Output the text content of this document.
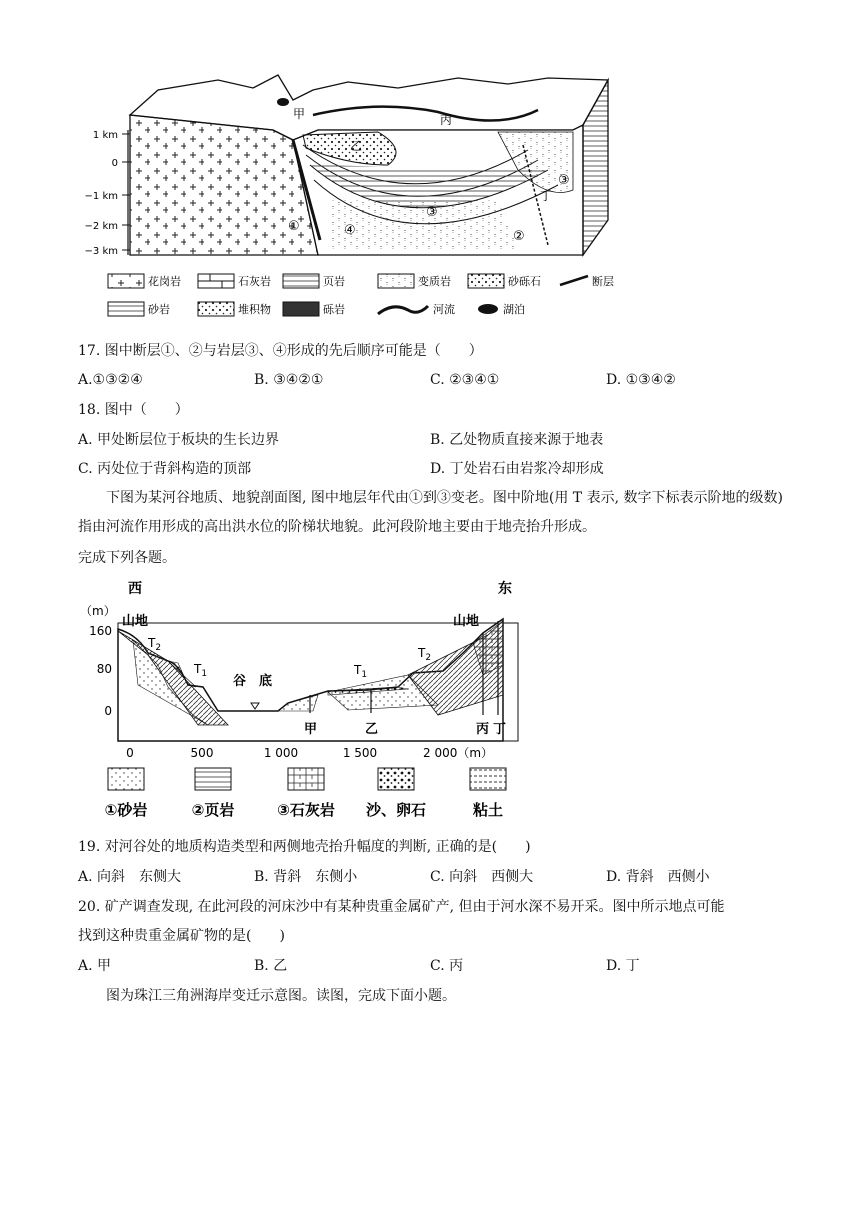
1 km
0
−1 km
−2 km
−3 km
甲
乙
丙
丁
①
②
③
③
④
花岗岩	石灰岩	页岩	变质岩	砂砾石	断层
砂岩	堆积物	砾岩	河流	湖泊
17. 图中断层①、②与岩层③、④形成的先后顺序可能是（　　）
A.①③②④	B. ③④②①	C. ②③④①	D. ①③④②
18. 图中（　　）
A. 甲处断层位于板块的生长边界	B. 乙处物质直接来源于地表
C. 丙处位于背斜构造的顶部	D. 丁处岩石由岩浆冷却形成
下图为某河谷地质、地貌剖面图, 图中地层年代由①到③变老。图中阶地(用 T 表示, 数字下标表示阶地的级数)指由河流作用形成的高出洪水位的阶梯状地貌。此河段阶地主要由于地壳抬升形成。
完成下列各题。
西	东
（m）
160
80
0
0	500	1 000	1 500	2 000（m）
山地	山地
$T_2$
$T_1$	$T_1$
$T_2$
谷　底
甲	乙	丙 丁
①砂岩	②页岩	③石灰岩 沙、卵石	粘土
19. 对河谷处的地质构造类型和两侧地壳抬升幅度的判断, 正确的是(　　)
A. 向斜　东侧大	B. 背斜　东侧小	C. 向斜　西侧大	D. 背斜　西侧小
20. 矿产调查发现, 在此河段的河床沙中有某种贵重金属矿产, 但由于河水深不易开采。图中所示地点可能
找到这种贵重金属矿物的是(　　)
A. 甲	B. 乙	C. 丙	D. 丁
图为珠江三角洲海岸变迁示意图。读图，完成下面小题。
